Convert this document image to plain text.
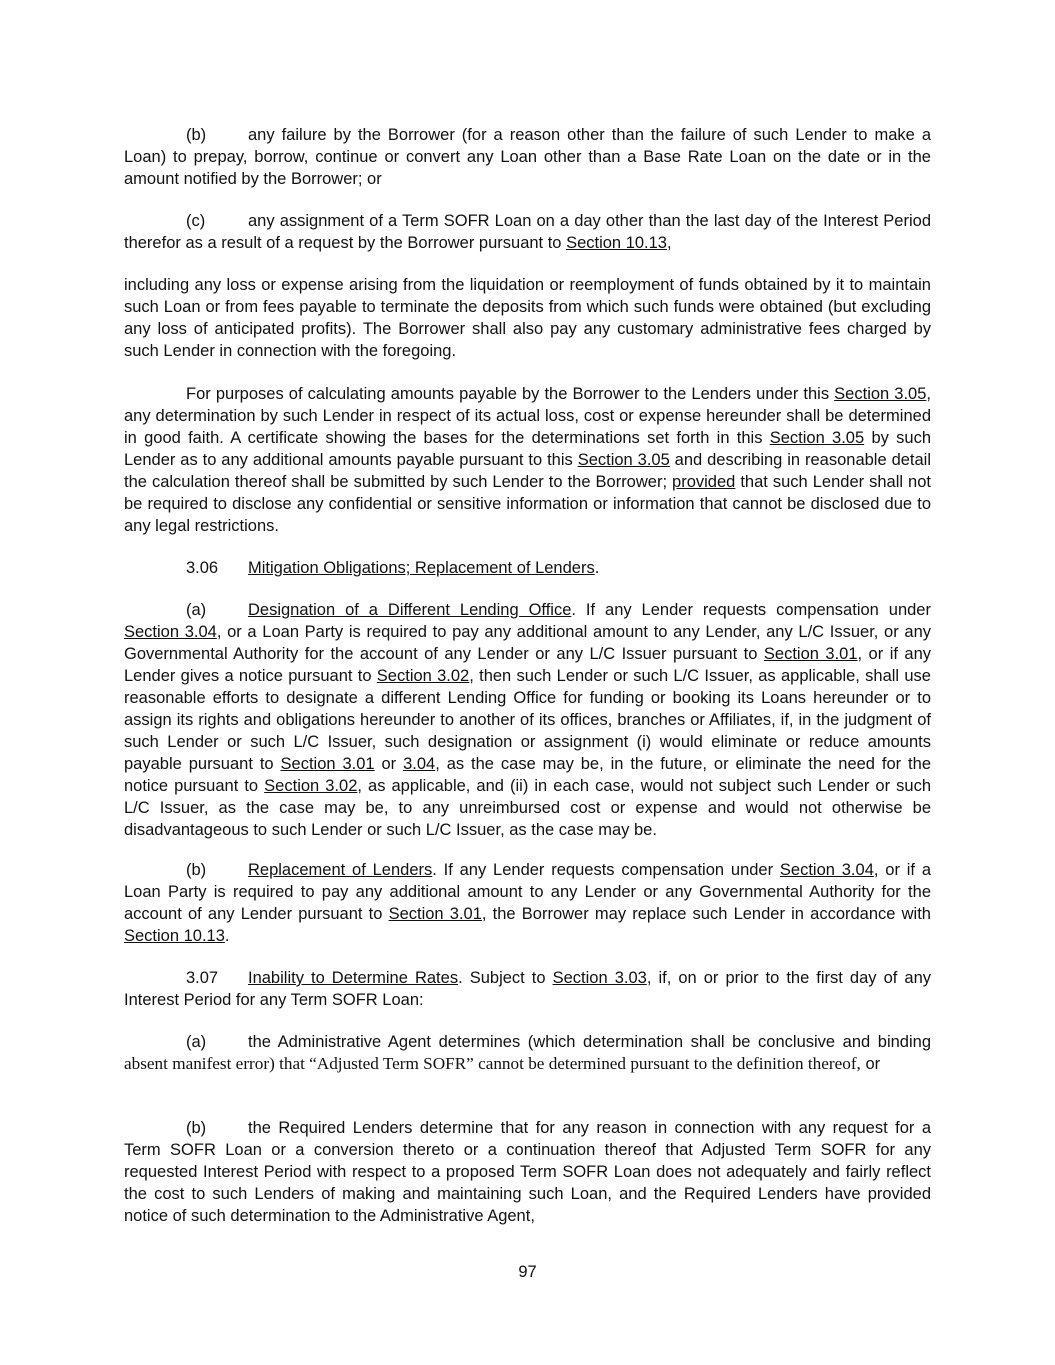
(b)	any failure by the Borrower (for a reason other than the failure of such Lender to make a Loan) to prepay, borrow, continue or convert any Loan other than a Base Rate Loan on the date or in the amount notified by the Borrower; or

(c)	any assignment of a Term SOFR Loan on a day other than the last day of the Interest Period therefor as a result of a request by the Borrower pursuant to Section 10.13,

including any loss or expense arising from the liquidation or reemployment of funds obtained by it to maintain such Loan or from fees payable to terminate the deposits from which such funds were obtained (but excluding any loss of anticipated profits). The Borrower shall also pay any customary administrative fees charged by such Lender in connection with the foregoing.

For purposes of calculating amounts payable by the Borrower to the Lenders under this Section 3.05, any determination by such Lender in respect of its actual loss, cost or expense hereunder shall be determined in good faith. A certificate showing the bases for the determinations set forth in this Section 3.05 by such Lender as to any additional amounts payable pursuant to this Section 3.05 and describing in reasonable detail the calculation thereof shall be submitted by such Lender to the Borrower; provided that such Lender shall not be required to disclose any confidential or sensitive information or information that cannot be disclosed due to any legal restrictions.

3.06 Mitigation Obligations; Replacement of Lenders.

(a)	Designation of a Different Lending Office. If any Lender requests compensation under Section 3.04, or a Loan Party is required to pay any additional amount to any Lender, any L/C Issuer, or any Governmental Authority for the account of any Lender or any L/C Issuer pursuant to Section 3.01, or if any Lender gives a notice pursuant to Section 3.02, then such Lender or such L/C Issuer, as applicable, shall use reasonable efforts to designate a different Lending Office for funding or booking its Loans hereunder or to assign its rights and obligations hereunder to another of its offices, branches or Affiliates, if, in the judgment of such Lender or such L/C Issuer, such designation or assignment (i) would eliminate or reduce amounts payable pursuant to Section 3.01 or 3.04, as the case may be, in the future, or eliminate the need for the notice pursuant to Section 3.02, as applicable, and (ii) in each case, would not subject such Lender or such L/C Issuer, as the case may be, to any unreimbursed cost or expense and would not otherwise be disadvantageous to such Lender or such L/C Issuer, as the case may be.

(b)	Replacement of Lenders. If any Lender requests compensation under Section 3.04, or if a Loan Party is required to pay any additional amount to any Lender or any Governmental Authority for the account of any Lender pursuant to Section 3.01, the Borrower may replace such Lender in accordance with Section 10.13.

3.07 Inability to Determine Rates. Subject to Section 3.03, if, on or prior to the first day of any Interest Period for any Term SOFR Loan:

(a)	the Administrative Agent determines (which determination shall be conclusive and binding absent manifest error) that “Adjusted Term SOFR” cannot be determined pursuant to the definition thereof, or

(b)	the Required Lenders determine that for any reason in connection with any request for a Term SOFR Loan or a conversion thereto or a continuation thereof that Adjusted Term SOFR for any requested Interest Period with respect to a proposed Term SOFR Loan does not adequately and fairly reflect the cost to such Lenders of making and maintaining such Loan, and the Required Lenders have provided notice of such determination to the Administrative Agent,

97
